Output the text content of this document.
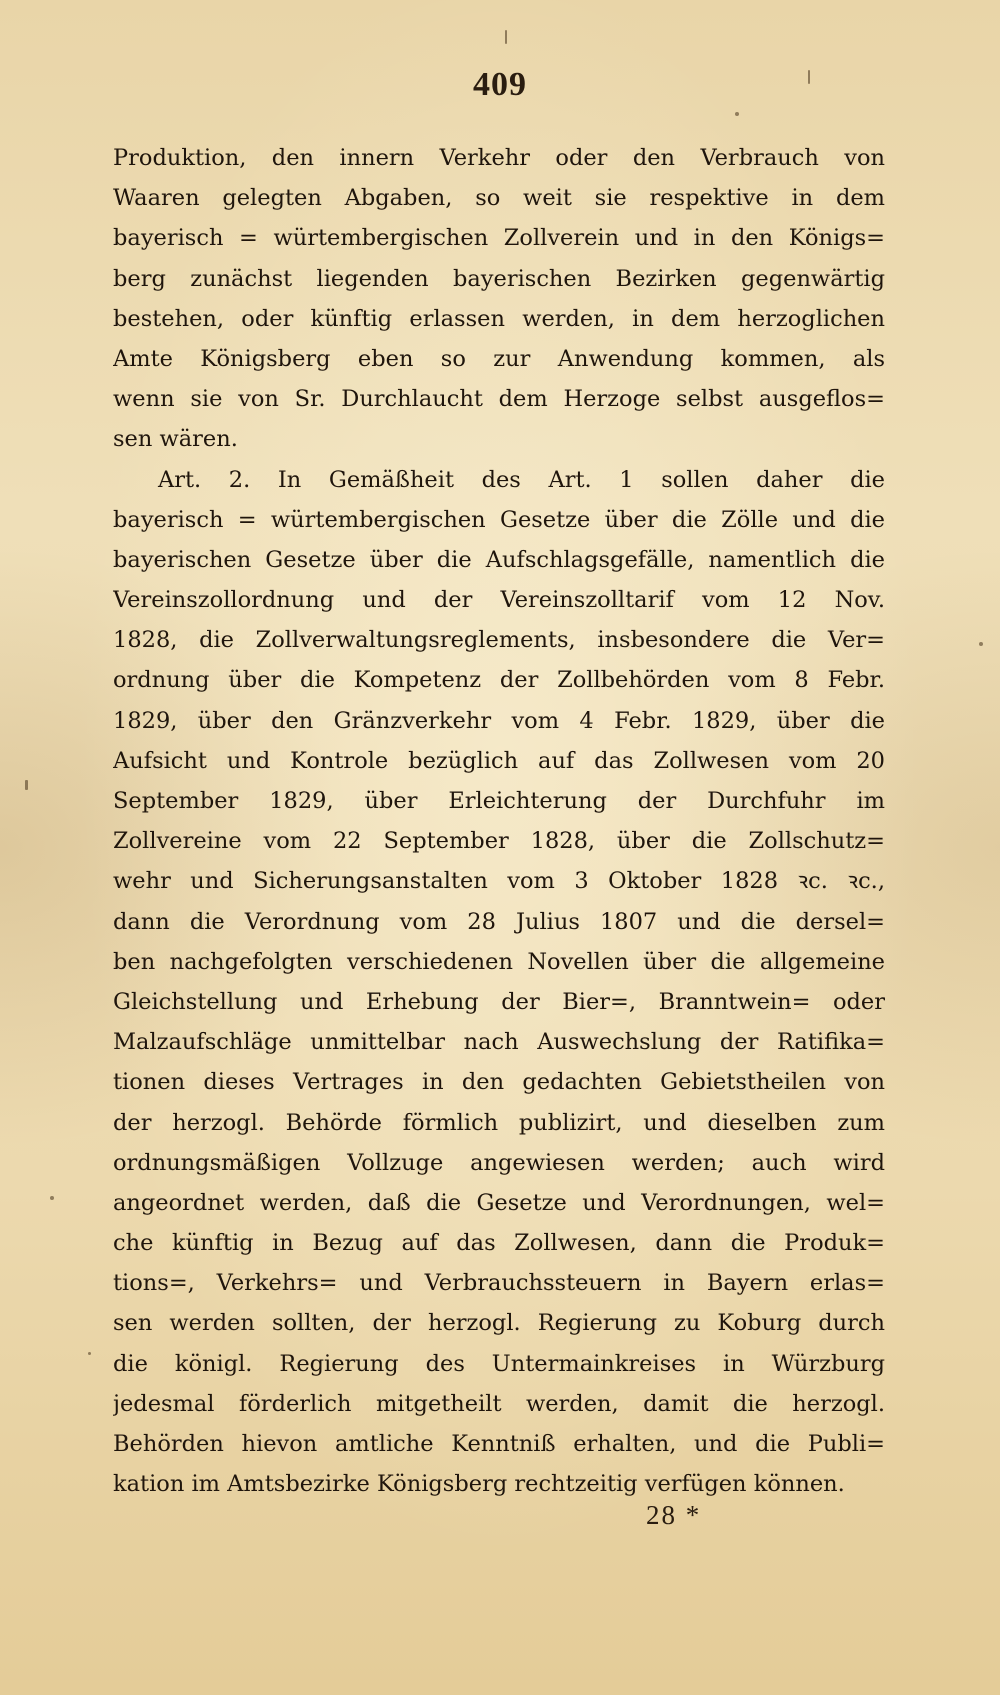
409
Produktion, den innern Verkehr oder den Verbrauch von
Waaren gelegten Abgaben, so weit sie respektive in dem
bayerisch = würtembergischen Zollverein und in den Königs=
berg zunächst liegenden bayerischen Bezirken gegenwärtig
bestehen, oder künftig erlassen werden, in dem herzoglichen
Amte Königsberg eben so zur Anwendung kommen, als
wenn sie von Sr. Durchlaucht dem Herzoge selbst ausgeflos=
sen wären.
Art. 2. In Gemäßheit des Art. 1 sollen daher die
bayerisch = würtembergischen Gesetze über die Zölle und die
bayerischen Gesetze über die Aufschlagsgefälle, namentlich die
Vereinszollordnung und der Vereinszolltarif vom 12 Nov.
1828, die Zollverwaltungsreglements, insbesondere die Ver=
ordnung über die Kompetenz der Zollbehörden vom 8 Febr.
1829, über den Gränzverkehr vom 4 Febr. 1829, über die
Aufsicht und Kontrole bezüglich auf das Zollwesen vom 20
September 1829, über Erleichterung der Durchfuhr im
Zollvereine vom 22 September 1828, über die Zollschutz=
wehr und Sicherungsanstalten vom 3 Oktober 1828 ꝛc. ꝛc.,
dann die Verordnung vom 28 Julius 1807 und die dersel=
ben nachgefolgten verschiedenen Novellen über die allgemeine
Gleichstellung und Erhebung der Bier=, Branntwein= oder
Malzaufschläge unmittelbar nach Auswechslung der Ratifika=
tionen dieses Vertrages in den gedachten Gebietstheilen von
der herzogl. Behörde förmlich publizirt, und dieselben zum
ordnungsmäßigen Vollzuge angewiesen werden; auch wird
angeordnet werden, daß die Gesetze und Verordnungen, wel=
che künftig in Bezug auf das Zollwesen, dann die Produk=
tions=, Verkehrs= und Verbrauchssteuern in Bayern erlas=
sen werden sollten, der herzogl. Regierung zu Koburg durch
die königl. Regierung des Untermainkreises in Würzburg
jedesmal förderlich mitgetheilt werden, damit die herzogl.
Behörden hievon amtliche Kenntniß erhalten, und die Publi=
kation im Amtsbezirke Königsberg rechtzeitig verfügen können.
28 *
